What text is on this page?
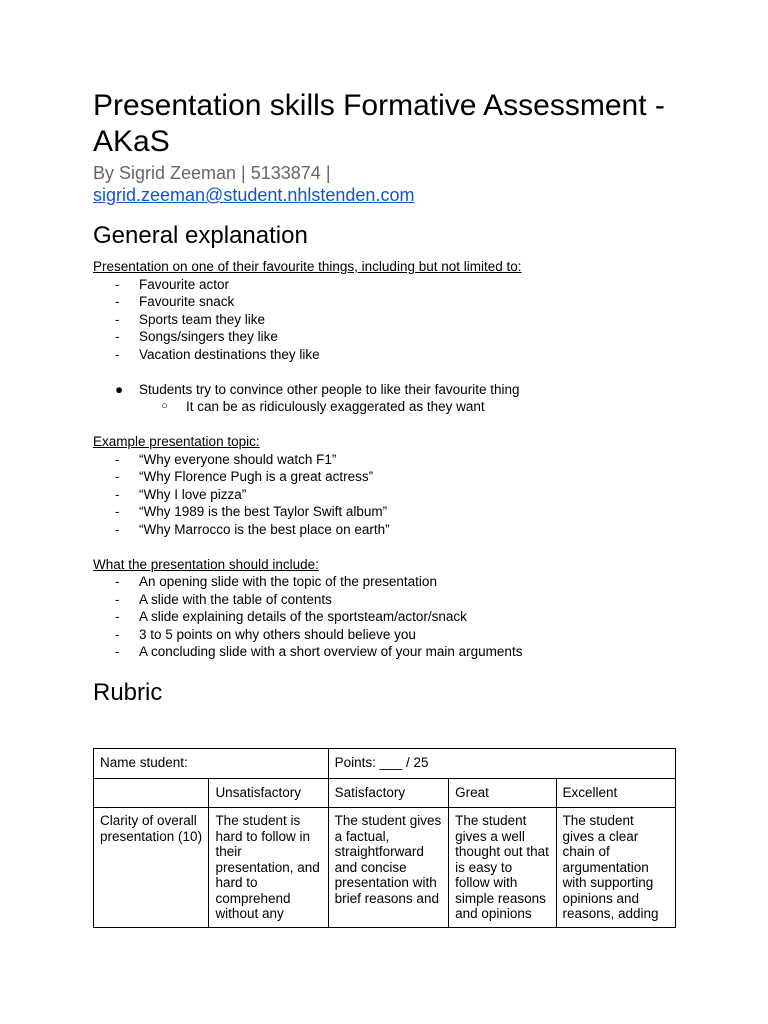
Presentation skills Formative Assessment - AKaS
By Sigrid Zeeman | 5133874 |
sigrid.zeeman@student.nhlstenden.com
General explanation
Presentation on one of their favourite things, including but not limited to:
- Favourite actor
- Favourite snack
- Sports team they like
- Songs/singers they like
- Vacation destinations they like
● Students try to convince other people to like their favourite thing
○ It can be as ridiculously exaggerated as they want
Example presentation topic:
- “Why everyone should watch F1”
- “Why Florence Pugh is a great actress”
- “Why I love pizza”
- “Why 1989 is the best Taylor Swift album”
- “Why Marrocco is the best place on earth”
What the presentation should include:
- An opening slide with the topic of the presentation
- A slide with the table of contents
- A slide explaining details of the sportsteam/actor/snack
- 3 to 5 points on why others should believe you
- A concluding slide with a short overview of your main arguments
Rubric
Name student:		Points: ___ / 25		
	Unsatisfactory	Satisfactory	Great	Excellent

Clarity of overall presentation (10)	The student is hard to follow in their presentation, and hard to comprehend without any	The student gives a factual, straightforward and concise presentation with brief reasons and	The student gives a well thought out that is easy to follow with simple reasons and opinions	The student gives a clear chain of argumentation with supporting opinions and reasons, adding
